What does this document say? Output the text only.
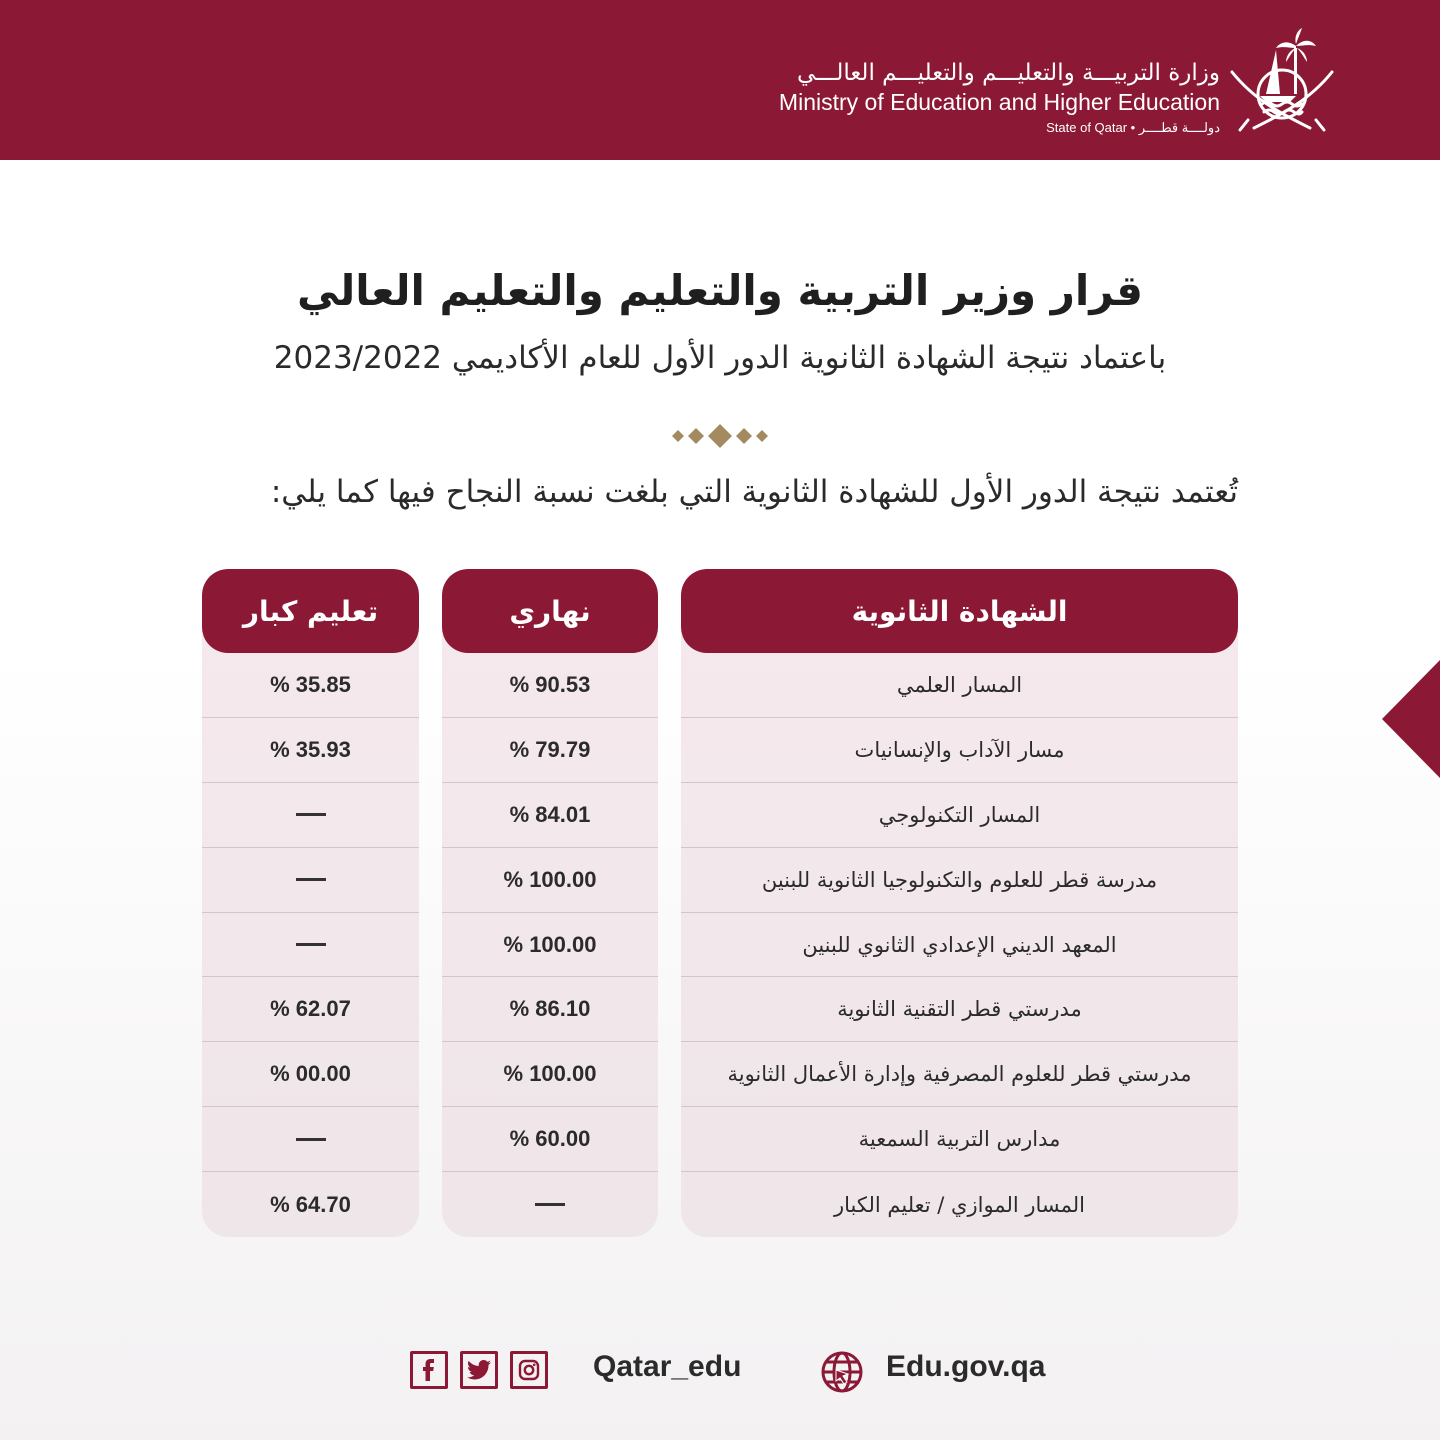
وزارة التربيـــة والتعليـــم والتعليـــم العالـــي
Ministry of Education and Higher Education
State of Qatar • دولــــة قطــــر
قرار وزير التربية والتعليم والتعليم العالي
باعتماد نتيجة الشهادة الثانوية الدور الأول للعام الأكاديمي 2023/2022
تُعتمد نتيجة الدور الأول للشهادة الثانوية التي بلغت نسبة النجاح فيها كما يلي:
الشهادة الثانوية
المسار العلمي
مسار الآداب والإنسانيات
المسار التكنولوجي
مدرسة قطر للعلوم والتكنولوجيا الثانوية للبنين
المعهد الديني الإعدادي الثانوي للبنين
مدرستي قطر التقنية الثانوية
مدرستي قطر للعلوم المصرفية وإدارة الأعمال الثانوية
مدارس التربية السمعية
المسار الموازي / تعليم الكبار
نهاري
% 90.53
% 79.79
% 84.01
% 100.00
% 100.00
% 86.10
% 100.00
% 60.00
تعليم كبار
% 35.85
% 35.93
% 62.07
% 00.00
% 64.70
Qatar_edu	Edu.gov.qa
